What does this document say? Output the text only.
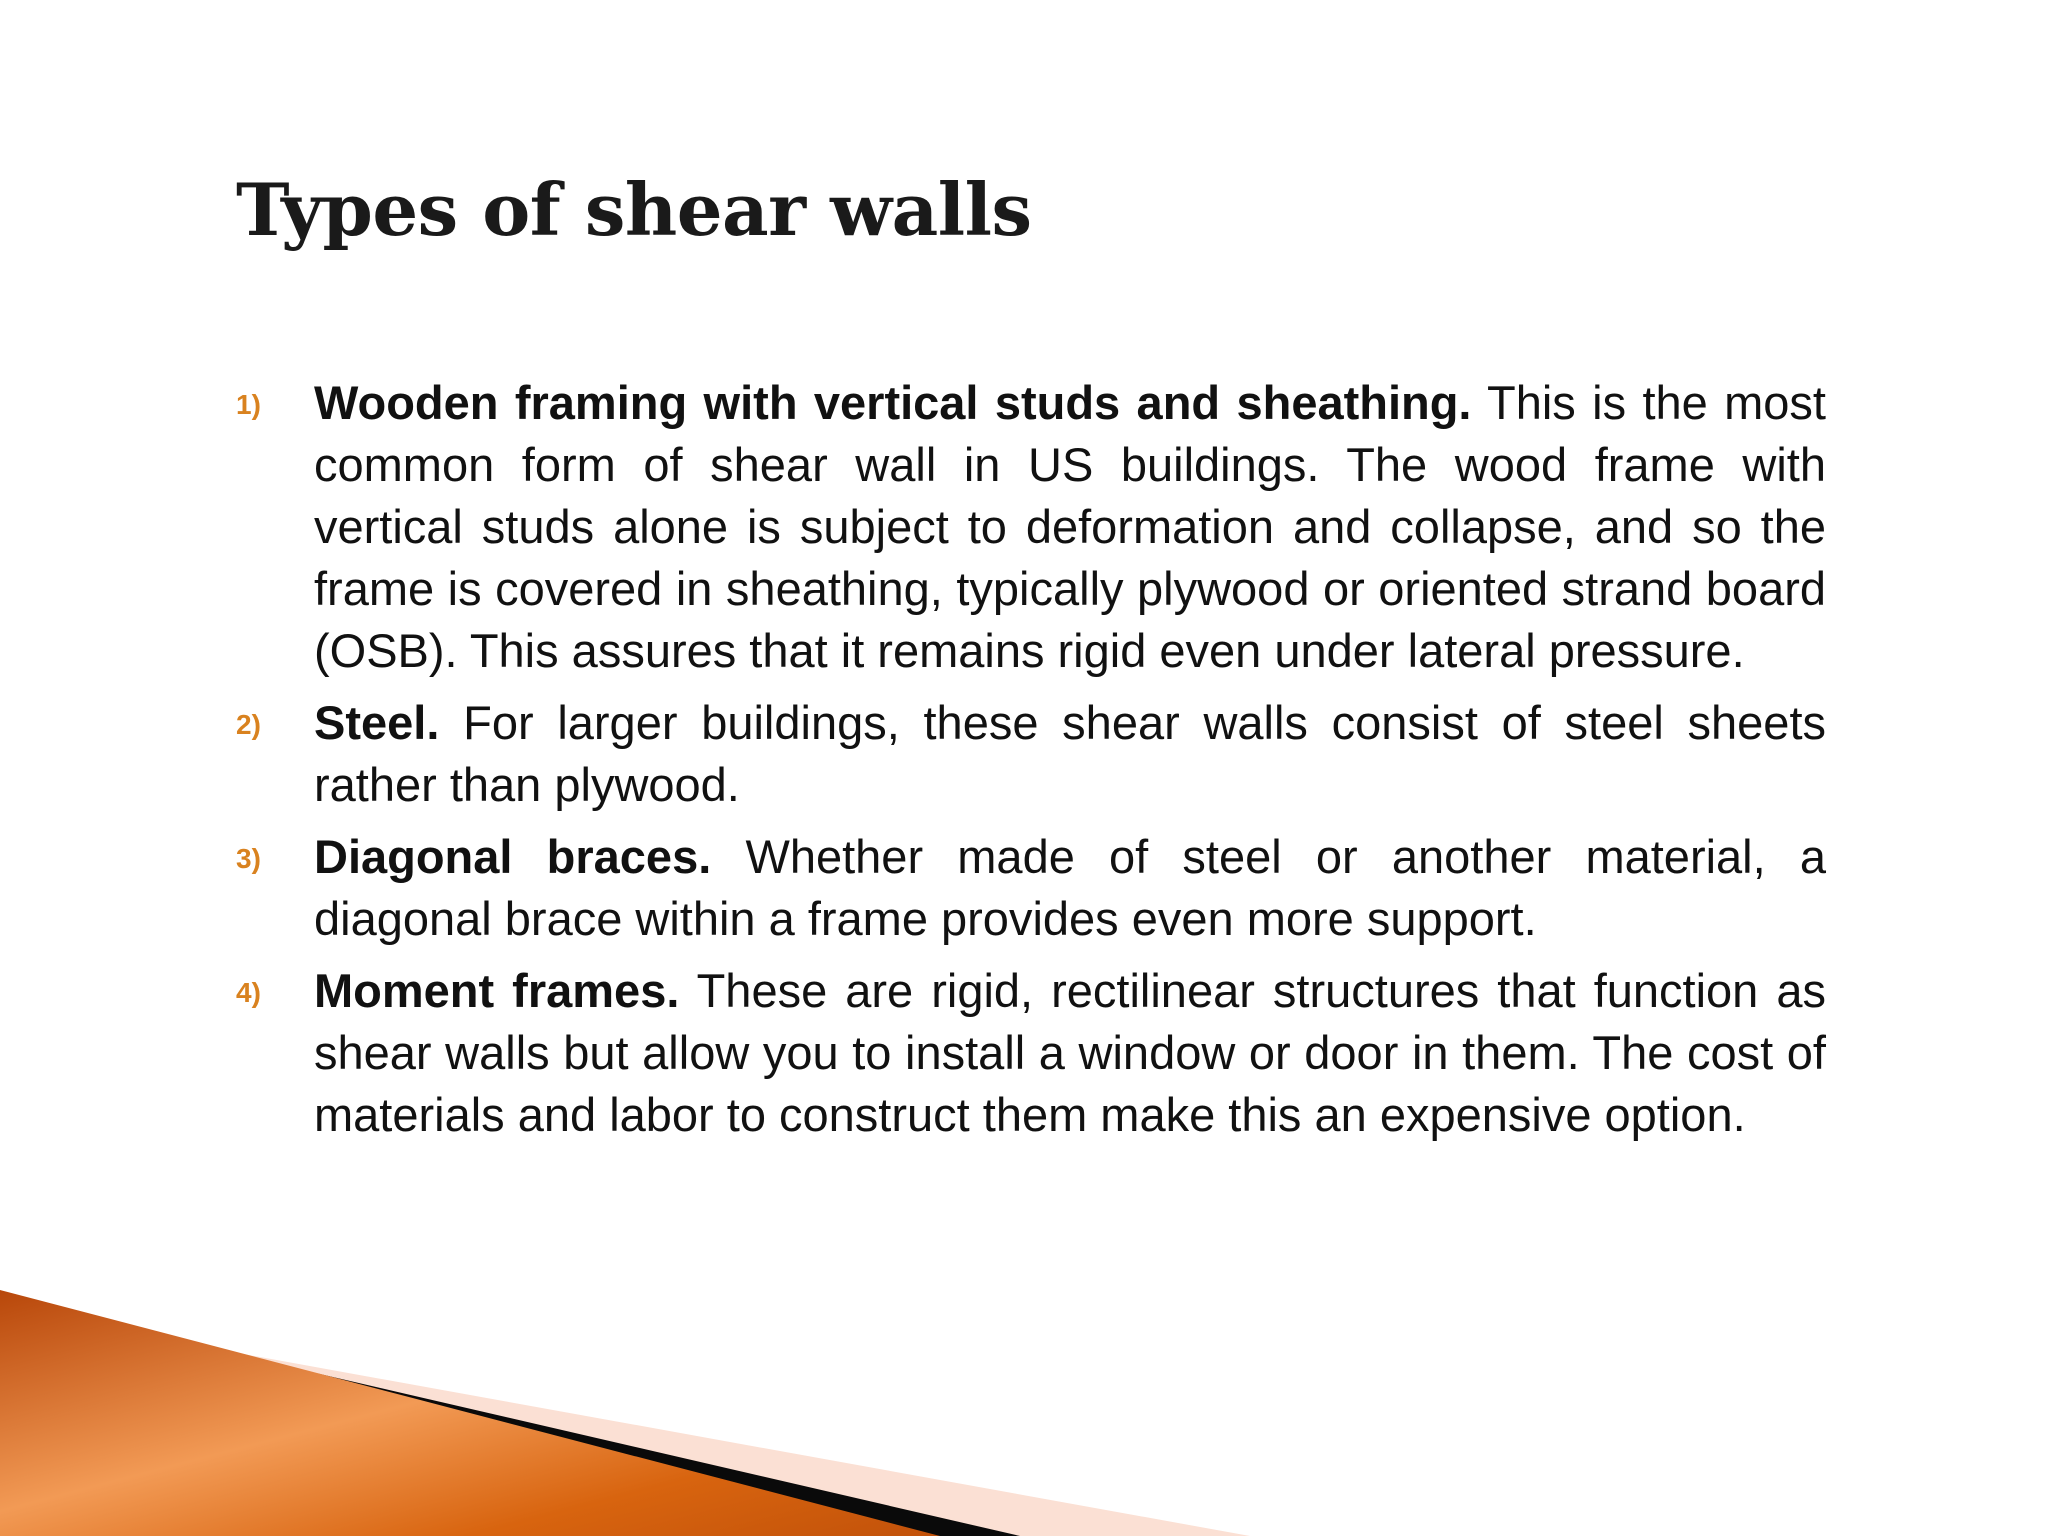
Types of shear walls
1) Wooden framing with vertical studs and sheathing. This is the most common form of shear wall in US buildings. The wood frame with vertical studs alone is subject to deformation and collapse, and so the frame is covered in sheathing, typically plywood or oriented strand board (OSB). This assures that it remains rigid even under lateral pressure.
2) Steel. For larger buildings, these shear walls consist of steel sheets rather than plywood.
3) Diagonal braces. Whether made of steel or another material, a diagonal brace within a frame provides even more support.
4) Moment frames. These are rigid, rectilinear structures that function as shear walls but allow you to install a window or door in them. The cost of materials and labor to construct them make this an expensive option.
